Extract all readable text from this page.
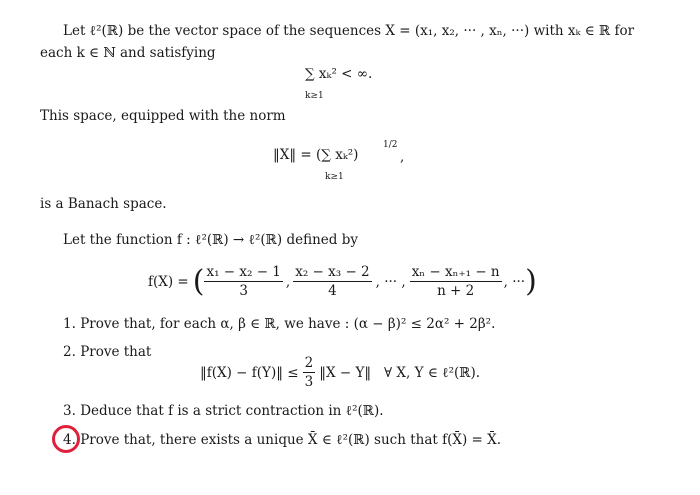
Let ℓ²(ℝ) be the vector space of the sequences X = (x₁, x₂, ··· , xₙ, ···) with xₖ ∈ ℝ for
each k ∈ ℕ and satisfying
∑ xₖ² < ∞.
k≥1
This space, equipped with the norm
‖X‖ = (∑ xₖ²)
1/2
,
k≥1
is a Banach space.
Let the function f : ℓ²(ℝ) → ℓ²(ℝ) defined by
f(X) = ( $\frac{\text{x₁ − x₂ − 1}}{3}$ , $\frac{\text{x₂ − x₃ − 2}}{4}$ , ··· , $\frac{\text{xₙ − xₙ₊₁ − n}}{n + 2}$ , ··· )
1. Prove that, for each α, β ∈ ℝ, we have : (α − β)² ≤ 2α² + 2β².
2. Prove that
‖f(X) − f(Y)‖ ≤ $\frac{2}{3}$ ‖X − Y‖   ∀ X, Y ∈ ℓ²(ℝ).
3. Deduce that f is a strict contraction in ℓ²(ℝ).
4. Prove that, there exists a unique X̄ ∈ ℓ²(ℝ) such that f(X̄) = X̄.
